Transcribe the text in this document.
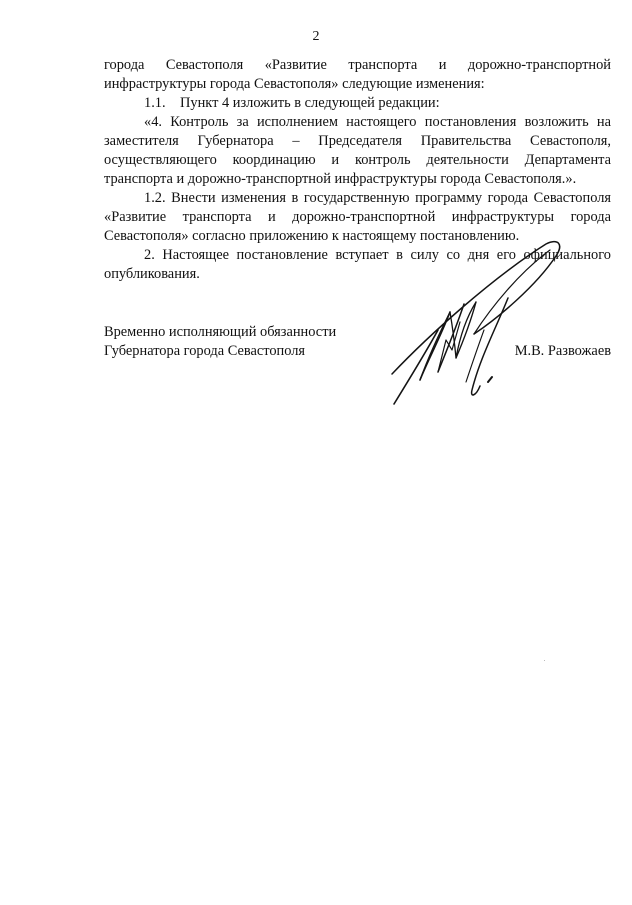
2

города Севастополя «Развитие транспорта и дорожно-транспортной инфраструктуры города Севастополя» следующие изменения:

1.1.    Пункт 4 изложить в следующей редакции:

«4. Контроль за исполнением настоящего постановления возложить на заместителя Губернатора – Председателя Правительства Севастополя, осуществляющего координацию и контроль деятельности Департамента транспорта и дорожно-транспортной инфраструктуры города Севастополя.».

1.2. Внести изменения в государственную программу города Севастополя «Развитие транспорта и дорожно-транспортной инфраструктуры города Севастополя» согласно приложению к настоящему постановлению.

2. Настоящее постановление вступает в силу со дня его официального опубликования.

Временно исполняющий обязанности
Губернатора города Севастополя	М.В. Развожаев
